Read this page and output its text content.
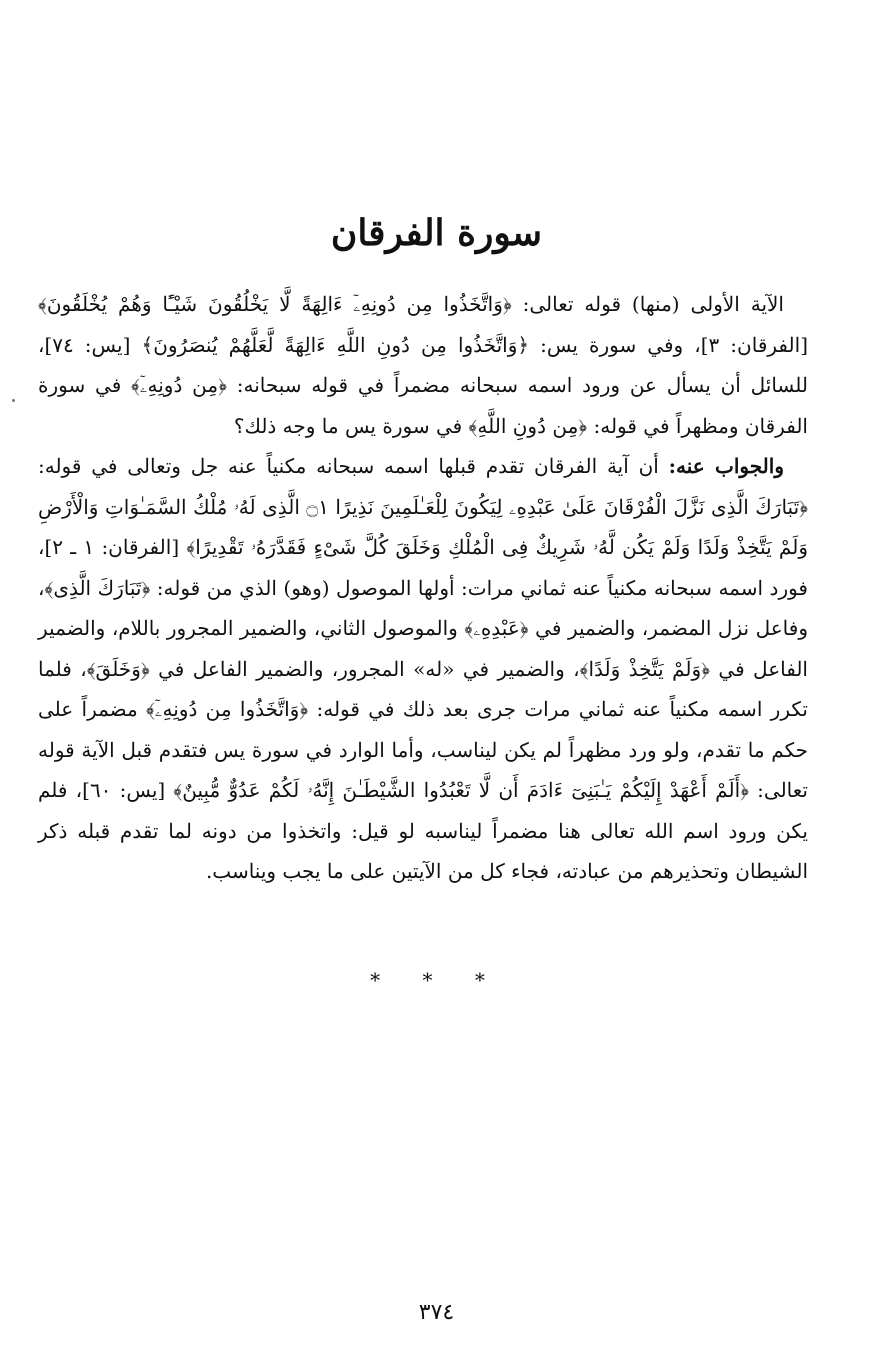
سورة الفرقان

الآية الأولى (منها) قوله تعالى: ﴿وَاتَّخَذُوا مِن دُونِهِۦٓ ءَالِهَةً لَّا يَخْلُقُونَ شَيْـًٔا وَهُمْ يُخْلَقُونَ﴾ [الفرقان: ٣]، وفي سورة يس: ﴿وَاتَّخَذُوا مِن دُونِ اللَّهِ ءَالِهَةً لَّعَلَّهُمْ يُنصَرُونَ﴾ [يس: ٧٤]، للسائل أن يسأل عن ورود اسمه سبحانه مضمراً في قوله سبحانه: ﴿مِن دُونِهِۦٓ﴾ في سورة الفرقان ومظهراً في قوله: ﴿مِن دُونِ اللَّهِ﴾ في سورة يس ما وجه ذلك؟

والجواب عنه: أن آية الفرقان تقدم قبلها اسمه سبحانه مكنياً عنه جل وتعالى في قوله: ﴿تَبَارَكَ الَّذِى نَزَّلَ الْفُرْقَانَ عَلَىٰ عَبْدِهِۦ لِيَكُونَ لِلْعَـٰلَمِينَ نَذِيرًا ۝١ الَّذِى لَهُۥ مُلْكُ السَّمَـٰوَاتِ وَالْأَرْضِ وَلَمْ يَتَّخِذْ وَلَدًا وَلَمْ يَكُن لَّهُۥ شَرِيكٌ فِى الْمُلْكِ وَخَلَقَ كُلَّ شَىْءٍ فَقَدَّرَهُۥ تَقْدِيرًا﴾ [الفرقان: ١ ـ ٢]، فورد اسمه سبحانه مكنياً عنه ثماني مرات: أولها الموصول (وهو) الذي من قوله: ﴿تَبَارَكَ الَّذِى﴾، وفاعل نزل المضمر، والضمير في ﴿عَبْدِهِۦ﴾ والموصول الثاني، والضمير المجرور باللام، والضمير الفاعل في ﴿وَلَمْ يَتَّخِذْ وَلَدًا﴾، والضمير في «له» المجرور، والضمير الفاعل في ﴿وَخَلَقَ﴾، فلما تكرر اسمه مكنياً عنه ثماني مرات جرى بعد ذلك في قوله: ﴿وَاتَّخَذُوا مِن دُونِهِۦٓ﴾ مضمراً على حكم ما تقدم، ولو ورد مظهراً لم يكن ليناسب، وأما الوارد في سورة يس فتقدم قبل الآية قوله تعالى: ﴿أَلَمْ أَعْهَدْ إِلَيْكُمْ يَـٰبَنِىٓ ءَادَمَ أَن لَّا تَعْبُدُوا الشَّيْطَـٰنَ إِنَّهُۥ لَكُمْ عَدُوٌّ مُّبِينٌ﴾ [يس: ٦٠]، فلم يكن ورود اسم الله تعالى هنا مضمراً ليناسبه لو قيل: واتخذوا من دونه لما تقدم قبله ذكر الشيطان وتحذيرهم من عبادته، فجاء كل من الآيتين على ما يجب ويناسب.

* * *
٣٧٤
